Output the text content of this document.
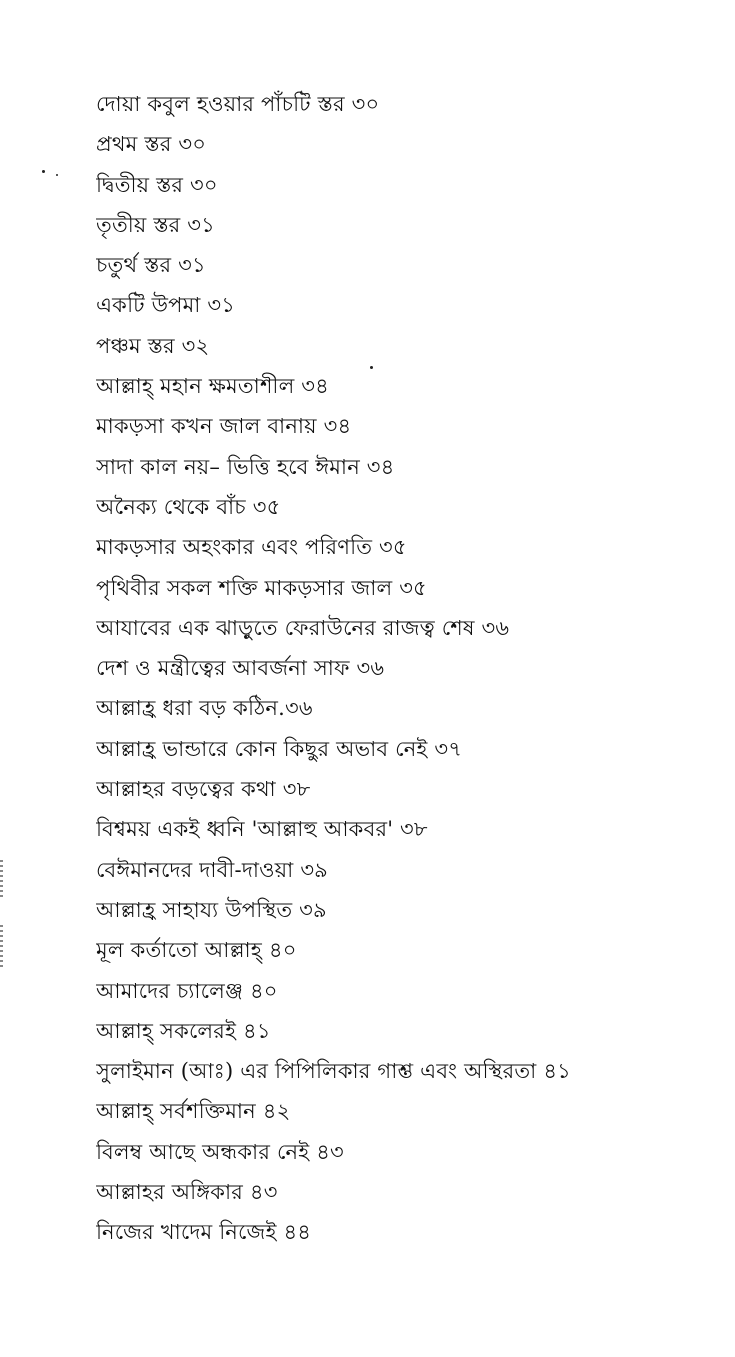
দোয়া কবুল হওয়ার পাঁচটি স্তর ৩০
প্রথম স্তর ৩০
দ্বিতীয় স্তর ৩০
তৃতীয় স্তর ৩১
চতুর্থ স্তর ৩১
একটি উপমা ৩১
পঞ্চম স্তর ৩২
আল্লাহ্ মহান ক্ষমতাশীল ৩৪
মাকড়সা কখন জাল বানায় ৩৪
সাদা কাল নয়– ভিত্তি হবে ঈমান ৩৪
অনৈক্য থেকে বাঁচ ৩৫
মাকড়সার অহংকার এবং পরিণতি ৩৫
পৃথিবীর সকল শক্তি মাকড়সার জাল ৩৫
আযাবের এক ঝাড়ুতে ফেরাউনের রাজত্ব শেষ ৩৬
দেশ ও মন্ত্রীত্বের আবর্জনা সাফ ৩৬
আল্লাহ্র ধরা বড় কঠিন.৩৬
আল্লাহ্র ভান্ডারে কোন কিছুর অভাব নেই ৩৭
আল্লাহর বড়ত্বের কথা ৩৮
বিশ্বময় একই ধ্বনি 'আল্লাহু আকবর' ৩৮
বেঈমানদের দাবী-দাওয়া ৩৯
আল্লাহ্র সাহায্য উপস্থিত ৩৯
মূল কর্তাতো আল্লাহ্ ৪০
আমাদের চ্যালেঞ্জ ৪০
আল্লাহ্ সকলেরই ৪১
সুলাইমান (আঃ) এর পিপিলিকার গাশ্ত এবং অস্থিরতা ৪১
আল্লাহ্ সর্বশক্তিমান ৪২
বিলম্ব আছে অন্ধকার নেই ৪৩
আল্লাহর অঙ্গিকার ৪৩
নিজের খাদেম নিজেই ৪৪
